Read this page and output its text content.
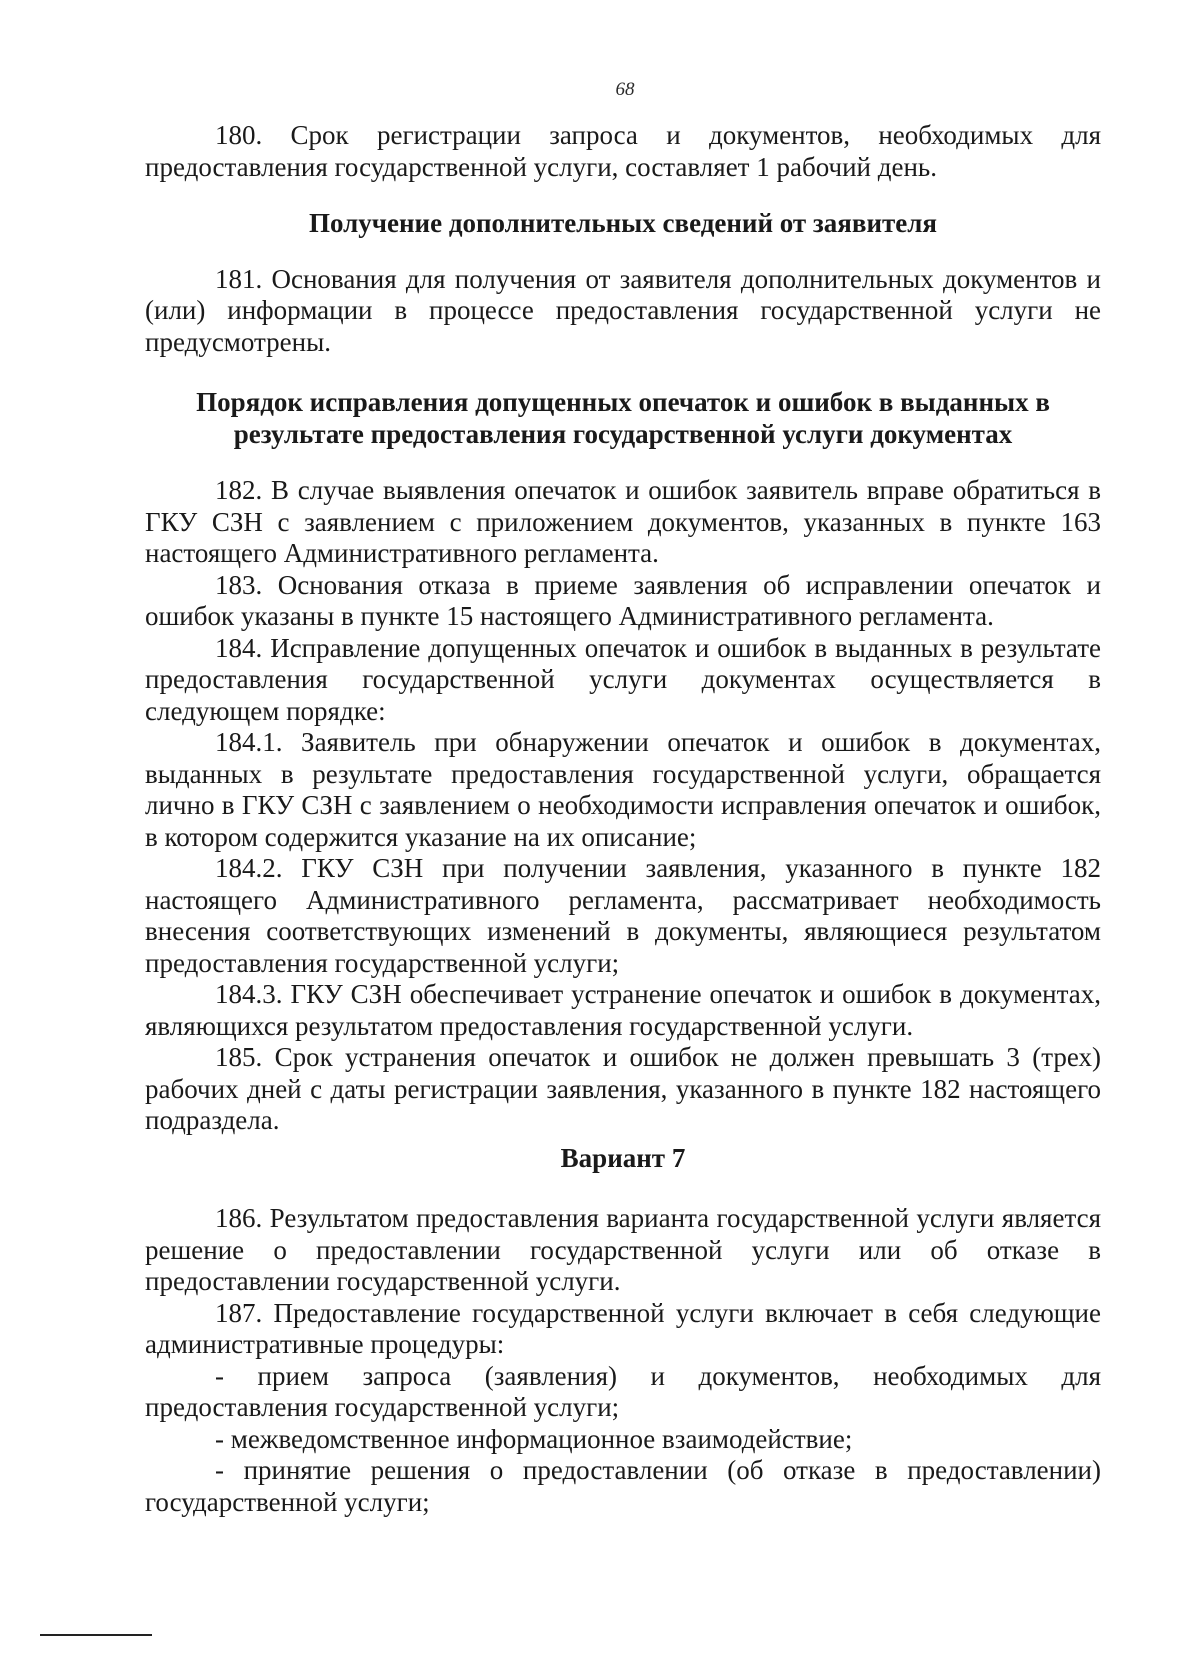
68

180. Срок регистрации запроса и документов, необходимых для предоставления государственной услуги, составляет 1 рабочий день.

Получение дополнительных сведений от заявителя

181. Основания для получения от заявителя дополнительных документов и (или) информации в процессе предоставления государственной услуги не предусмотрены.

Порядок исправления допущенных опечаток и ошибок в выданных в результате предоставления государственной услуги документах

182. В случае выявления опечаток и ошибок заявитель вправе обратиться в ГКУ СЗН с заявлением с приложением документов, указанных в пункте 163 настоящего Административного регламента.

183. Основания отказа в приеме заявления об исправлении опечаток и ошибок указаны в пункте 15 настоящего Административного регламента.

184. Исправление допущенных опечаток и ошибок в выданных в результате предоставления государственной услуги документах осуществляется в следующем порядке:

184.1. Заявитель при обнаружении опечаток и ошибок в документах, выданных в результате предоставления государственной услуги, обращается лично в ГКУ СЗН с заявлением о необходимости исправления опечаток и ошибок, в котором содержится указание на их описание;

184.2. ГКУ СЗН при получении заявления, указанного в пункте 182 настоящего Административного регламента, рассматривает необходимость внесения соответствующих изменений в документы, являющиеся результатом предоставления государственной услуги;

184.3. ГКУ СЗН обеспечивает устранение опечаток и ошибок в документах, являющихся результатом предоставления государственной услуги.

185. Срок устранения опечаток и ошибок не должен превышать 3 (трех) рабочих дней с даты регистрации заявления, указанного в пункте 182 настоящего подраздела.

Вариант 7

186. Результатом предоставления варианта государственной услуги является решение о предоставлении государственной услуги или об отказе в предоставлении государственной услуги.

187. Предоставление государственной услуги включает в себя следующие административные процедуры:

- прием запроса (заявления) и документов, необходимых для предоставления государственной услуги;

- межведомственное информационное взаимодействие;

- принятие решения о предоставлении (об отказе в предоставлении) государственной услуги;
